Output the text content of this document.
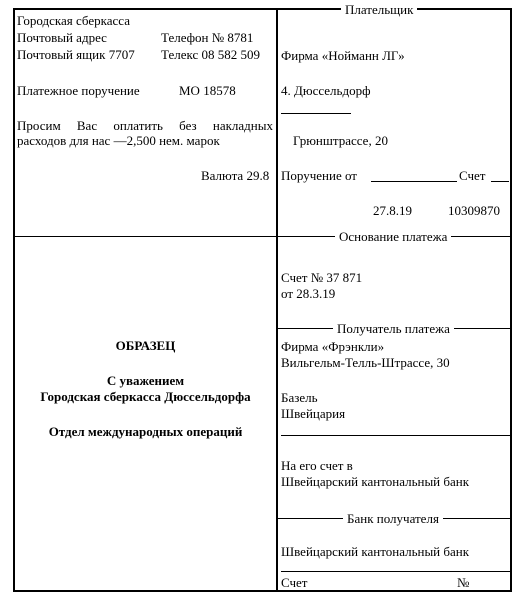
Плательщик
Основание платежа
Получатель платежа
Банк получателя
Городская сберкасса
Почтовый адрес	Телефон № 8781
Почтовый ящик 7707 Телекс 08 582 509
Платежное поручение	МО 18578
Просим Вас оплатить без накладных
расходов для нас —2,500 нем. марок
Валюта 29.8
Фирма «Нойманн ЛГ»
4. Дюссельдорф
Грюнштрассе, 20
Поручение от	Счет
27.8.19	10309870
Счет № 37 871
от 28.3.19
ОБРАЗЕЦ
С уважением
Городская сберкасса Дюссельдорфа
Отдел международных операций
Фирма «Фрэнкли»
Вильгельм-Телль-Штрассе, 30
Базель
Швейцария
На его счет в
Швейцарский кантональный банк
Швейцарский кантональный банк
Счет	№
